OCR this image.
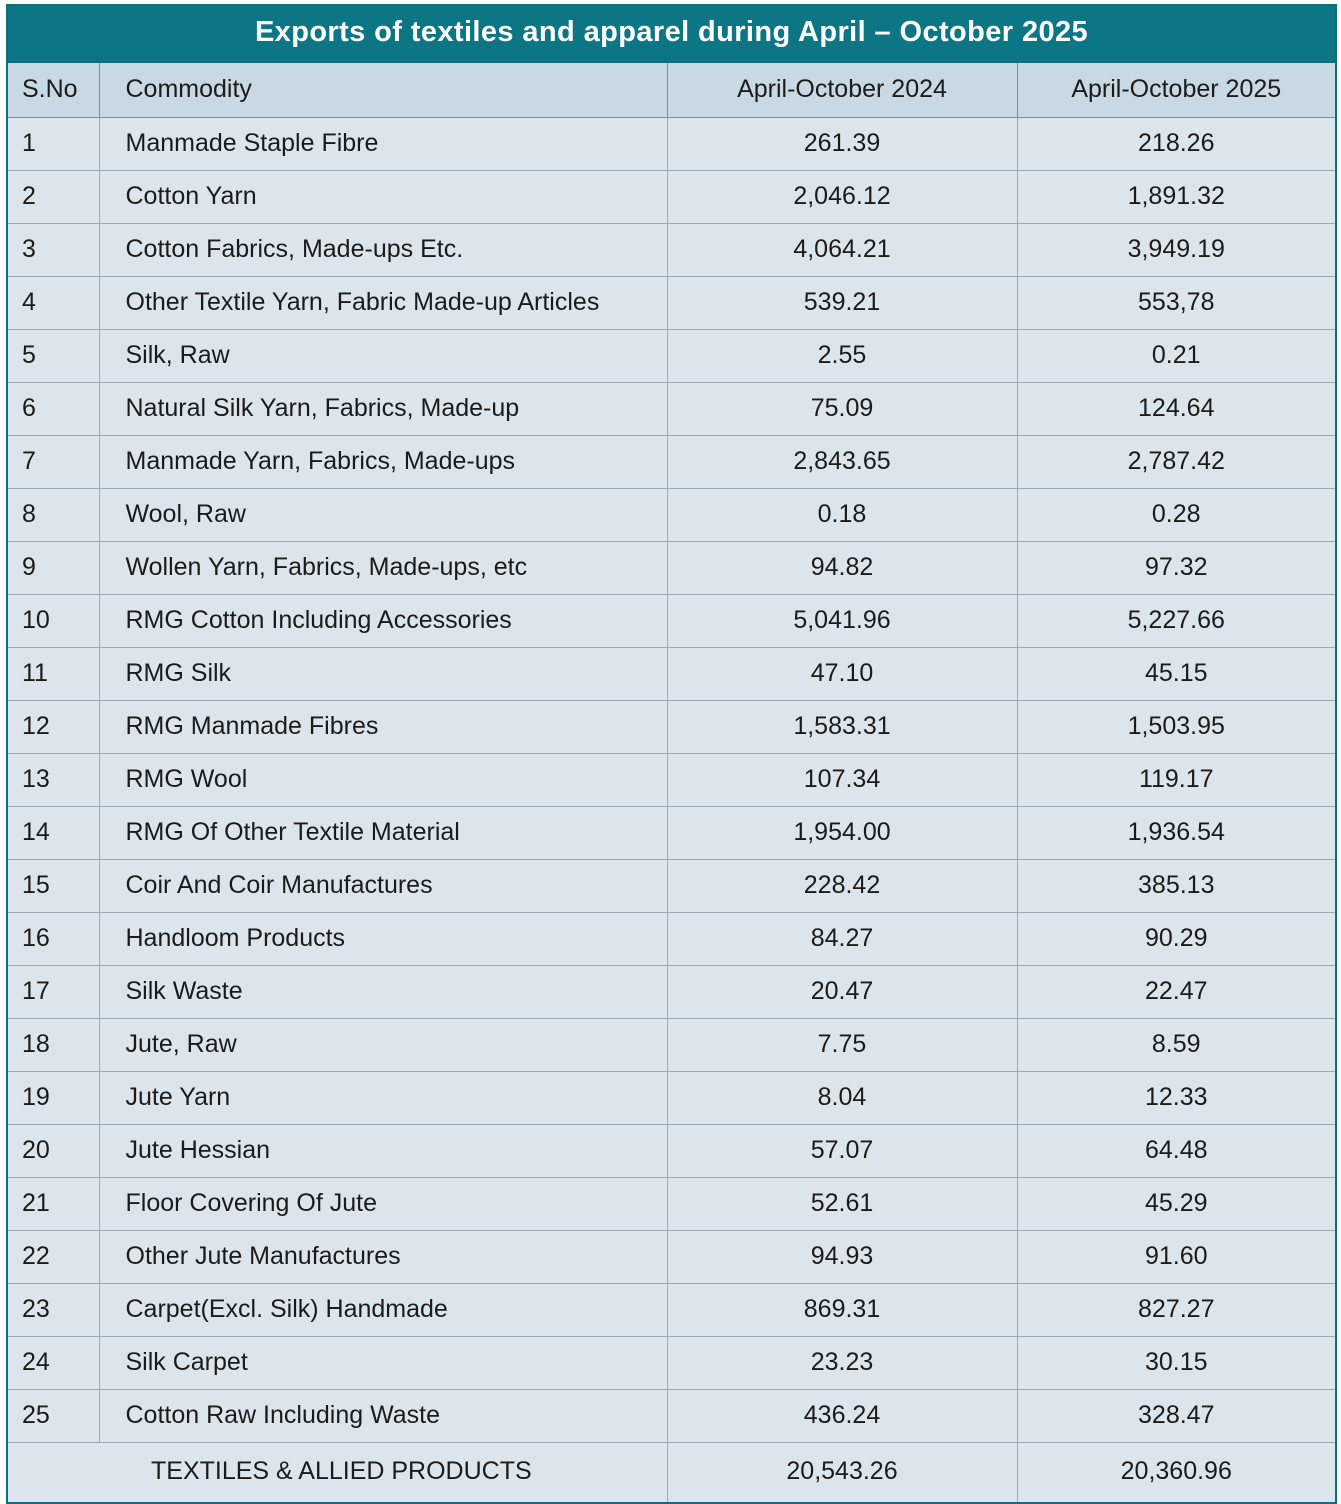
Exports of textiles and apparel during April – October 2025			
S.No	Commodity	April-October 2024	April-October 2025
1	Manmade Staple Fibre	261.39	218.26
2	Cotton Yarn	2,046.12	1,891.32
3	Cotton Fabrics, Made-ups Etc.	4,064.21	3,949.19
4	Other Textile Yarn, Fabric Made-up Articles	539.21	553,78
5	Silk, Raw	2.55	0.21
6	Natural Silk Yarn, Fabrics, Made-up	75.09	124.64
7	Manmade Yarn, Fabrics, Made-ups	2,843.65	2,787.42
8	Wool, Raw	0.18	0.28
9	Wollen Yarn, Fabrics, Made-ups, etc	94.82	97.32
10	RMG Cotton Including Accessories	5,041.96	5,227.66
11	RMG Silk	47.10	45.15
12	RMG Manmade Fibres	1,583.31	1,503.95
13	RMG Wool	107.34	119.17
14	RMG Of Other Textile Material	1,954.00	1,936.54
15	Coir And Coir Manufactures	228.42	385.13
16	Handloom Products	84.27	90.29
17	Silk Waste	20.47	22.47
18	Jute, Raw	7.75	8.59
19	Jute Yarn	8.04	12.33
20	Jute Hessian	57.07	64.48
21	Floor Covering Of Jute	52.61	45.29
22	Other Jute Manufactures	94.93	91.60
23	Carpet(Excl. Silk) Handmade	869.31	827.27
24	Silk Carpet	23.23	30.15
25	Cotton Raw Including Waste	436.24	328.47
	TEXTILES & ALLIED PRODUCTS	20,543.26	20,360.96
